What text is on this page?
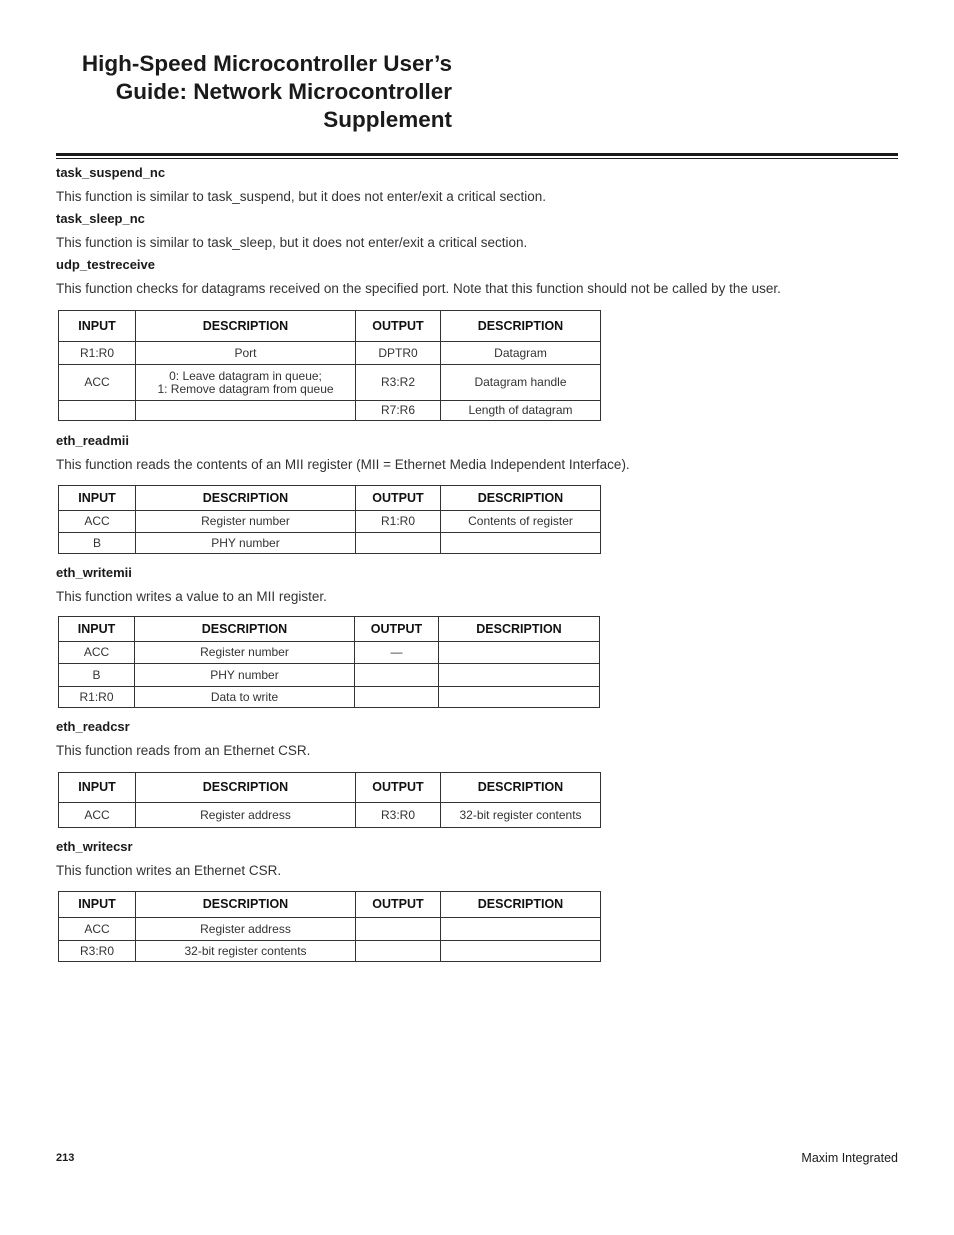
High-Speed Microcontroller User’s
Guide: Network Microcontroller
Supplement

task_suspend_nc

This function is similar to task_suspend, but it does not enter/exit a critical section.

task_sleep_nc

This function is similar to task_sleep, but it does not enter/exit a critical section.

udp_testreceive

This function checks for datagrams received on the specified port. Note that this function should not be called by the user.

INPUT	DESCRIPTION	OUTPUT	DESCRIPTION
R1:R0	Port	DPTR0	Datagram
ACC	0: Leave datagram in queue;
1: Remove datagram from queue	R3:R2	Datagram handle
		R7:R6	Length of datagram

eth_readmii

This function reads the contents of an MII register (MII = Ethernet Media Independent Interface).

INPUT	DESCRIPTION	OUTPUT	DESCRIPTION
ACC	Register number	R1:R0	Contents of register
B	PHY number		

eth_writemii

This function writes a value to an MII register.

INPUT	DESCRIPTION	OUTPUT	DESCRIPTION
ACC	Register number	—	
B	PHY number		
R1:R0	Data to write		

eth_readcsr

This function reads from an Ethernet CSR.

INPUT	DESCRIPTION	OUTPUT	DESCRIPTION
ACC	Register address	R3:R0	32-bit register contents

eth_writecsr

This function writes an Ethernet CSR.

INPUT	DESCRIPTION	OUTPUT	DESCRIPTION
ACC	Register address		
R3:R0	32-bit register contents		
213	Maxim Integrated
